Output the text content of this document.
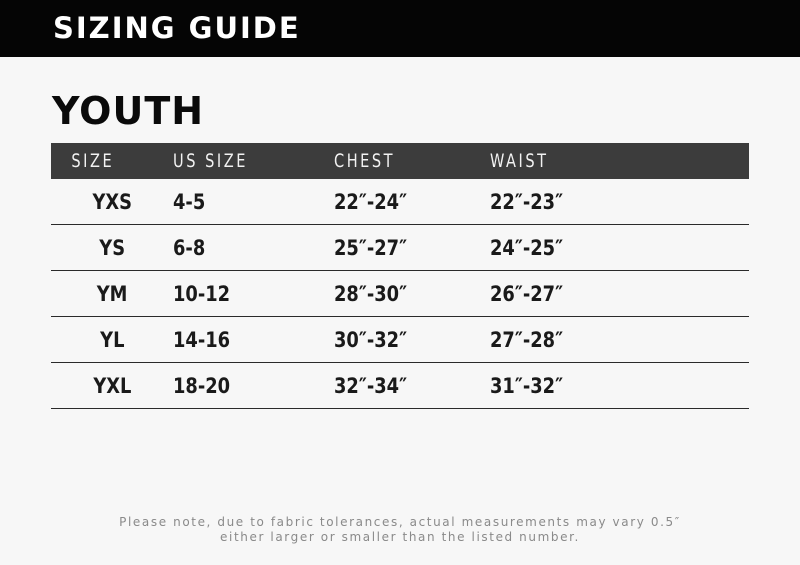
SIZING GUIDE
YOUTH
SIZE	US SIZE	CHEST	WAIST
YXS	4-5	22″-24″	22″-23″
YS	6-8	25″-27″	24″-25″
YM	10-12	28″-30″	26″-27″
YL	14-16	30″-32″	27″-28″
YXL	18-20	32″-34″	31″-32″
Please note, due to fabric tolerances, actual measurements may vary 0.5″
either larger or smaller than the listed number.
